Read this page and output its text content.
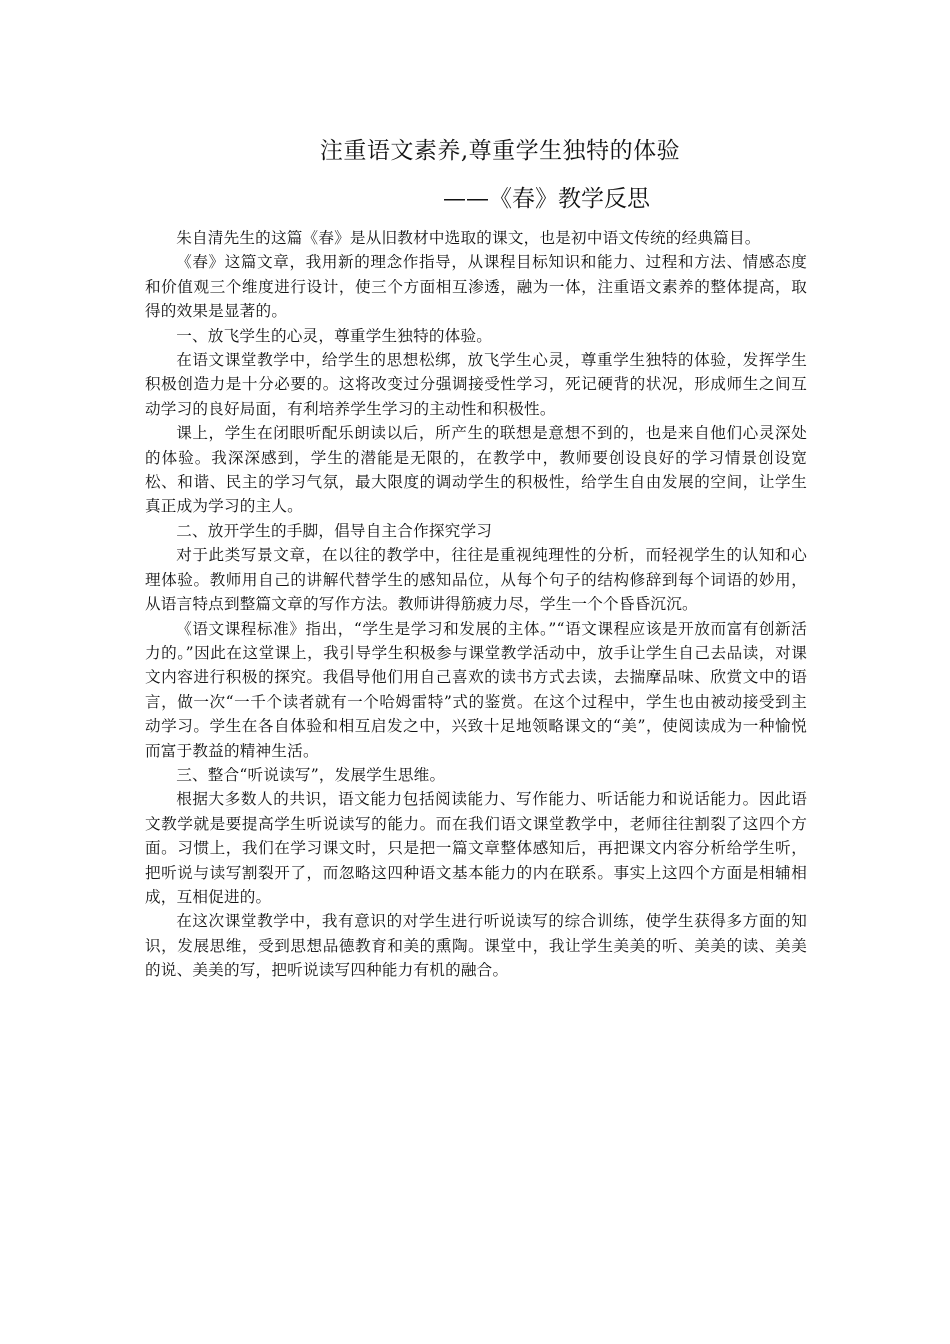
注重语文素养,尊重学生独特的体验
——《春》教学反思

朱自清先生的这篇《春》是从旧教材中选取的课文，也是初中语文传统的经典篇目。

《春》这篇文章，我用新的理念作指导，从课程目标知识和能力、过程和方法、情感态度和价值观三个维度进行设计，使三个方面相互渗透，融为一体，注重语文素养的整体提高，取得的效果是显著的。

一、放飞学生的心灵，尊重学生独特的体验。

在语文课堂教学中，给学生的思想松绑，放飞学生心灵，尊重学生独特的体验，发挥学生积极创造力是十分必要的。这将改变过分强调接受性学习，死记硬背的状况，形成师生之间互动学习的良好局面，有利培养学生学习的主动性和积极性。

课上，学生在闭眼听配乐朗读以后，所产生的联想是意想不到的，也是来自他们心灵深处的体验。我深深感到，学生的潜能是无限的，在教学中，教师要创设良好的学习情景创设宽松、和谐、民主的学习气氛，最大限度的调动学生的积极性，给学生自由发展的空间，让学生真正成为学习的主人。

二、放开学生的手脚，倡导自主合作探究学习

对于此类写景文章，在以往的教学中，往往是重视纯理性的分析，而轻视学生的认知和心理体验。教师用自己的讲解代替学生的感知品位，从每个句子的结构修辞到每个词语的妙用，从语言特点到整篇文章的写作方法。教师讲得筋疲力尽，学生一个个昏昏沉沉。

《语文课程标准》指出，“学生是学习和发展的主体。”“语文课程应该是开放而富有创新活力的。”因此在这堂课上，我引导学生积极参与课堂教学活动中，放手让学生自己去品读，对课文内容进行积极的探究。我倡导他们用自己喜欢的读书方式去读，去揣摩品味、欣赏文中的语言，做一次“一千个读者就有一个哈姆雷特”式的鉴赏。在这个过程中，学生也由被动接受到主动学习。学生在各自体验和相互启发之中，兴致十足地领略课文的“美”，使阅读成为一种愉悦而富于教益的精神生活。

三、整合“听说读写”，发展学生思维。

根据大多数人的共识，语文能力包括阅读能力、写作能力、听话能力和说话能力。因此语文教学就是要提高学生听说读写的能力。而在我们语文课堂教学中，老师往往割裂了这四个方面。习惯上，我们在学习课文时，只是把一篇文章整体感知后，再把课文内容分析给学生听，把听说与读写割裂开了，而忽略这四种语文基本能力的内在联系。事实上这四个方面是相辅相成，互相促进的。

在这次课堂教学中，我有意识的对学生进行听说读写的综合训练，使学生获得多方面的知识，发展思维，受到思想品德教育和美的熏陶。课堂中，我让学生美美的听、美美的读、美美的说、美美的写，把听说读写四种能力有机的融合。
